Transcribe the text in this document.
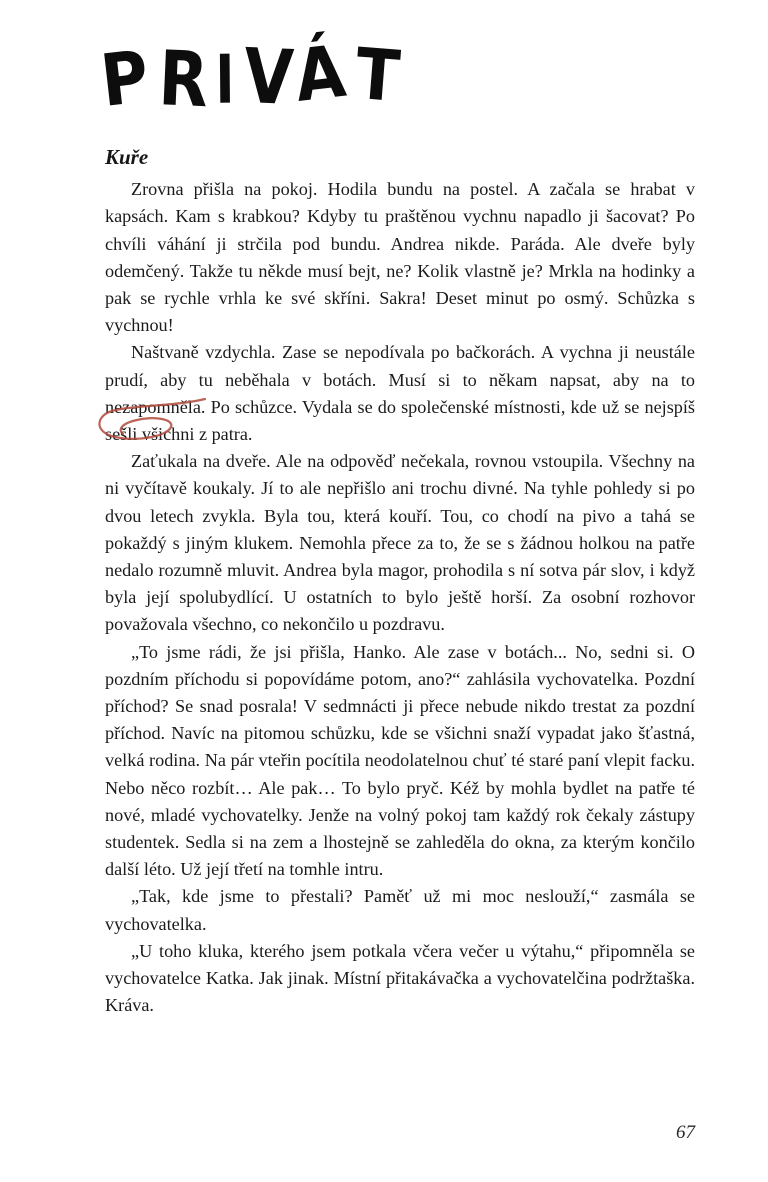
PRIVÁT
Kuře

Zrovna přišla na pokoj. Hodila bundu na postel. A začala se hrabat v kapsách. Kam s krabkou? Kdyby tu praštěnou vychnu napadlo ji šacovat? Po chvíli váhání ji strčila pod bundu. Andrea nikde. Paráda. Ale dveře byly odemčený. Takže tu někde musí bejt, ne? Kolik vlastně je? Mrkla na hodinky a pak se rychle vrhla ke své skříni. Sakra! Deset minut po osmý. Schůzka s vychnou!

Naštvaně vzdychla. Zase se nepodívala po bačkorách. A vychna ji neustále prudí, aby tu neběhala v botách. Musí si to někam napsat, aby na to nezapomněla. Po schůzce. Vydala se do společenské místnosti, kde už se nejspíš sešli všichni z patra.

Zaťukala na dveře. Ale na odpověď nečekala, rovnou vstoupila. Všechny na ni vyčítavě koukaly. Jí to ale nepřišlo ani trochu divné. Na tyhle pohledy si po dvou letech zvykla. Byla tou, která kouří. Tou, co chodí na pivo a tahá se pokaždý s jiným klukem. Nemohla přece za to, že se s žádnou holkou na patře nedalo rozumně mluvit. Andrea byla magor, prohodila s ní sotva pár slov, i když byla její spolubydlící. U ostatních to bylo ještě horší. Za osobní rozhovor považovala všechno, co nekončilo u pozdravu.

„To jsme rádi, že jsi přišla, Hanko. Ale zase v botách... No, sedni si. O pozdním příchodu si popovídáme potom, ano?“ zahlásila vychovatelka. Pozdní příchod? Se snad posrala! V sedmnácti ji přece nebude nikdo trestat za pozdní příchod. Navíc na pitomou schůzku, kde se všichni snaží vypadat jako šťastná, velká rodina. Na pár vteřin pocítila neodolatelnou chuť té staré paní vlepit facku. Nebo něco rozbít… Ale pak… To bylo pryč. Kéž by mohla bydlet na patře té nové, mladé vychovatelky. Jenže na volný pokoj tam každý rok čekaly zástupy studentek. Sedla si na zem a lhostejně se zahleděla do okna, za kterým končilo další léto. Už její třetí na tomhle intru.

„Tak, kde jsme to přestali? Paměť už mi moc neslouží,“ zasmála se vychovatelka.

„U toho kluka, kterého jsem potkala včera večer u výtahu,“ připomněla se vychovatelce Katka. Jak jinak. Místní přitakávačka a vychovatelčina podržtaška. Kráva.

67
